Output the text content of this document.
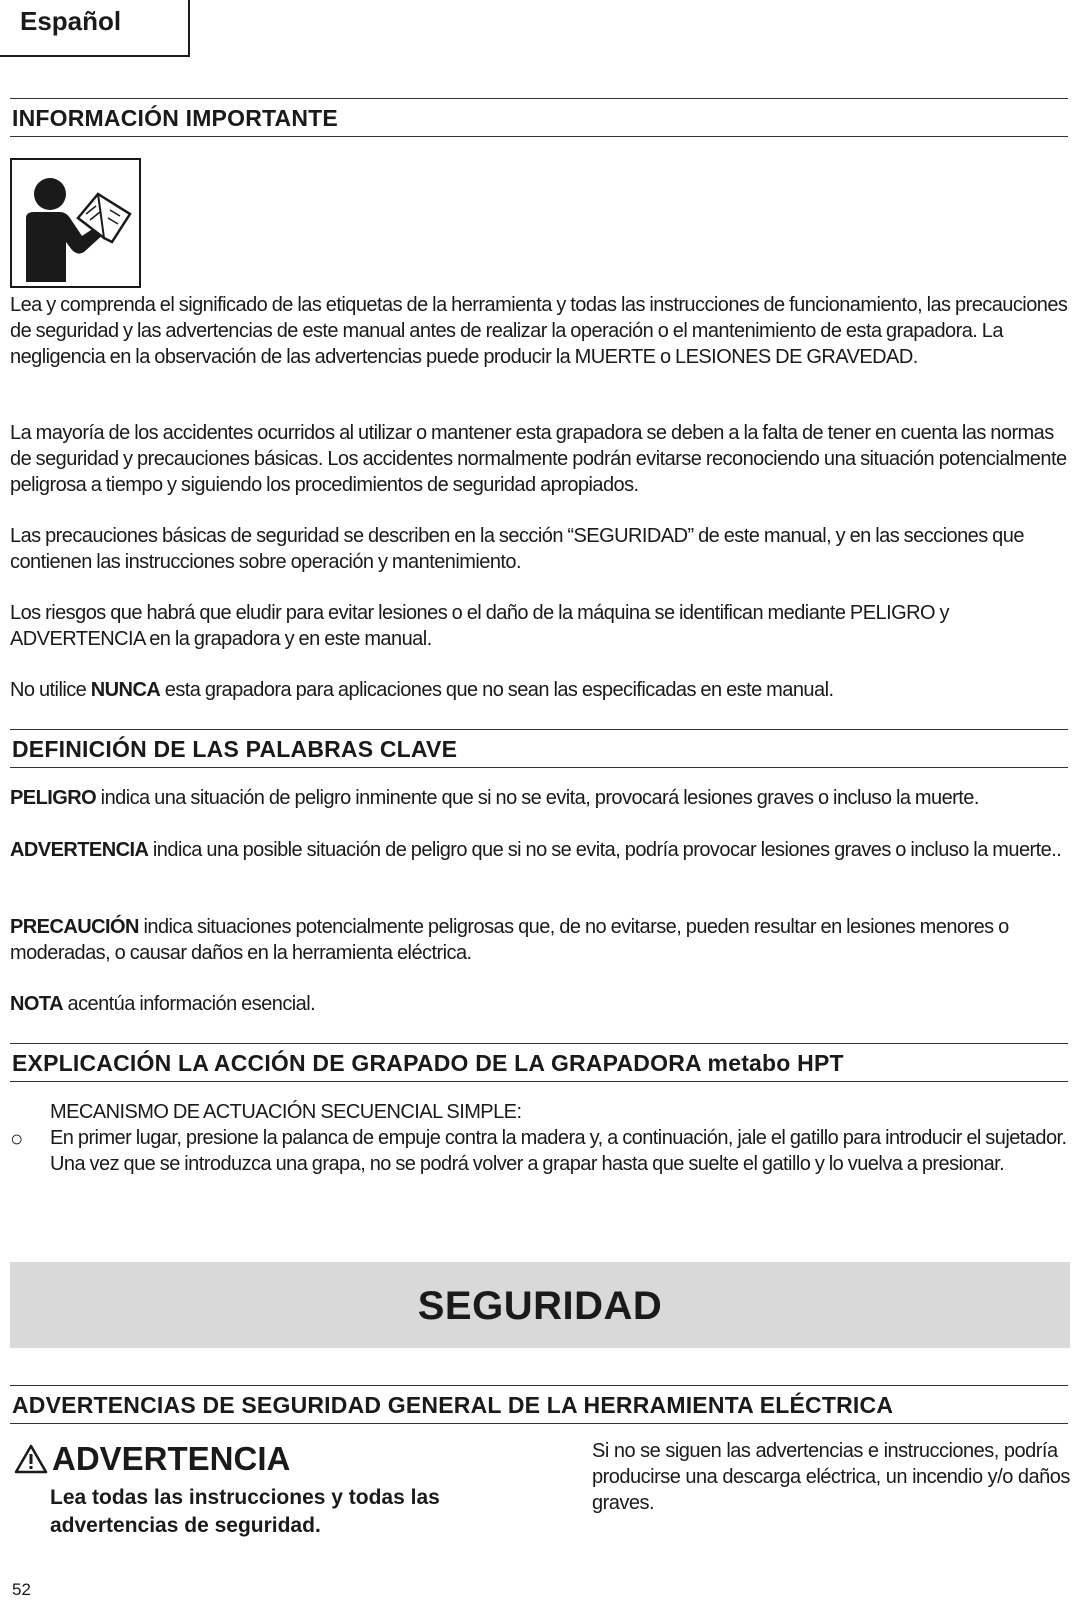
Español
INFORMACIÓN IMPORTANTE

Lea y comprenda el significado de las etiquetas de la herramienta y todas las instrucciones de funcionamiento, las precauciones de seguridad y las advertencias de este manual antes de realizar la operación o el mantenimiento de esta grapadora. La negligencia en la observación de las advertencias puede producir la MUERTE o LESIONES DE GRAVEDAD.

La mayoría de los accidentes ocurridos al utilizar o mantener esta grapadora se deben a la falta de tener en cuenta las normas de seguridad y precauciones básicas. Los accidentes normalmente podrán evitarse reconociendo una situación potencialmente peligrosa a tiempo y siguiendo los procedimientos de seguridad apropiados.

Las precauciones básicas de seguridad se describen en la sección “SEGURIDAD” de este manual, y en las secciones que contienen las instrucciones sobre operación y mantenimiento.

Los riesgos que habrá que eludir para evitar lesiones o el daño de la máquina se identifican mediante PELIGRO y ADVERTENCIA en la grapadora y en este manual.

No utilice NUNCA esta grapadora para aplicaciones que no sean las especificadas en este manual.

DEFINICIÓN DE LAS PALABRAS CLAVE

PELIGRO indica una situación de peligro inminente que si no se evita, provocará lesiones graves o incluso la muerte.

ADVERTENCIA indica una posible situación de peligro que si no se evita, podría provocar lesiones graves o incluso la muerte..

PRECAUCIÓN indica situaciones potencialmente peligrosas que, de no evitarse, pueden resultar en lesiones menores o moderadas, o causar daños en la herramienta eléctrica.

NOTA acentúa información esencial.

EXPLICACIÓN LA ACCIÓN DE GRAPADO DE LA GRAPADORA metabo HPT
○

MECANISMO DE ACTUACIÓN SECUENCIAL SIMPLE:
En primer lugar, presione la palanca de empuje contra la madera y, a continuación, jale el gatillo para introducir el sujetador.
Una vez que se introduzca una grapa, no se podrá volver a grapar hasta que suelte el gatillo y lo vuelva a presionar.

SEGURIDAD
ADVERTENCIAS DE SEGURIDAD GENERAL DE LA HERRAMIENTA ELÉCTRICA
ADVERTENCIA

Lea todas las instrucciones y todas las advertencias de seguridad.

Si no se siguen las advertencias e instrucciones, podría producirse una descarga eléctrica, un incendio y/o daños graves.

52
